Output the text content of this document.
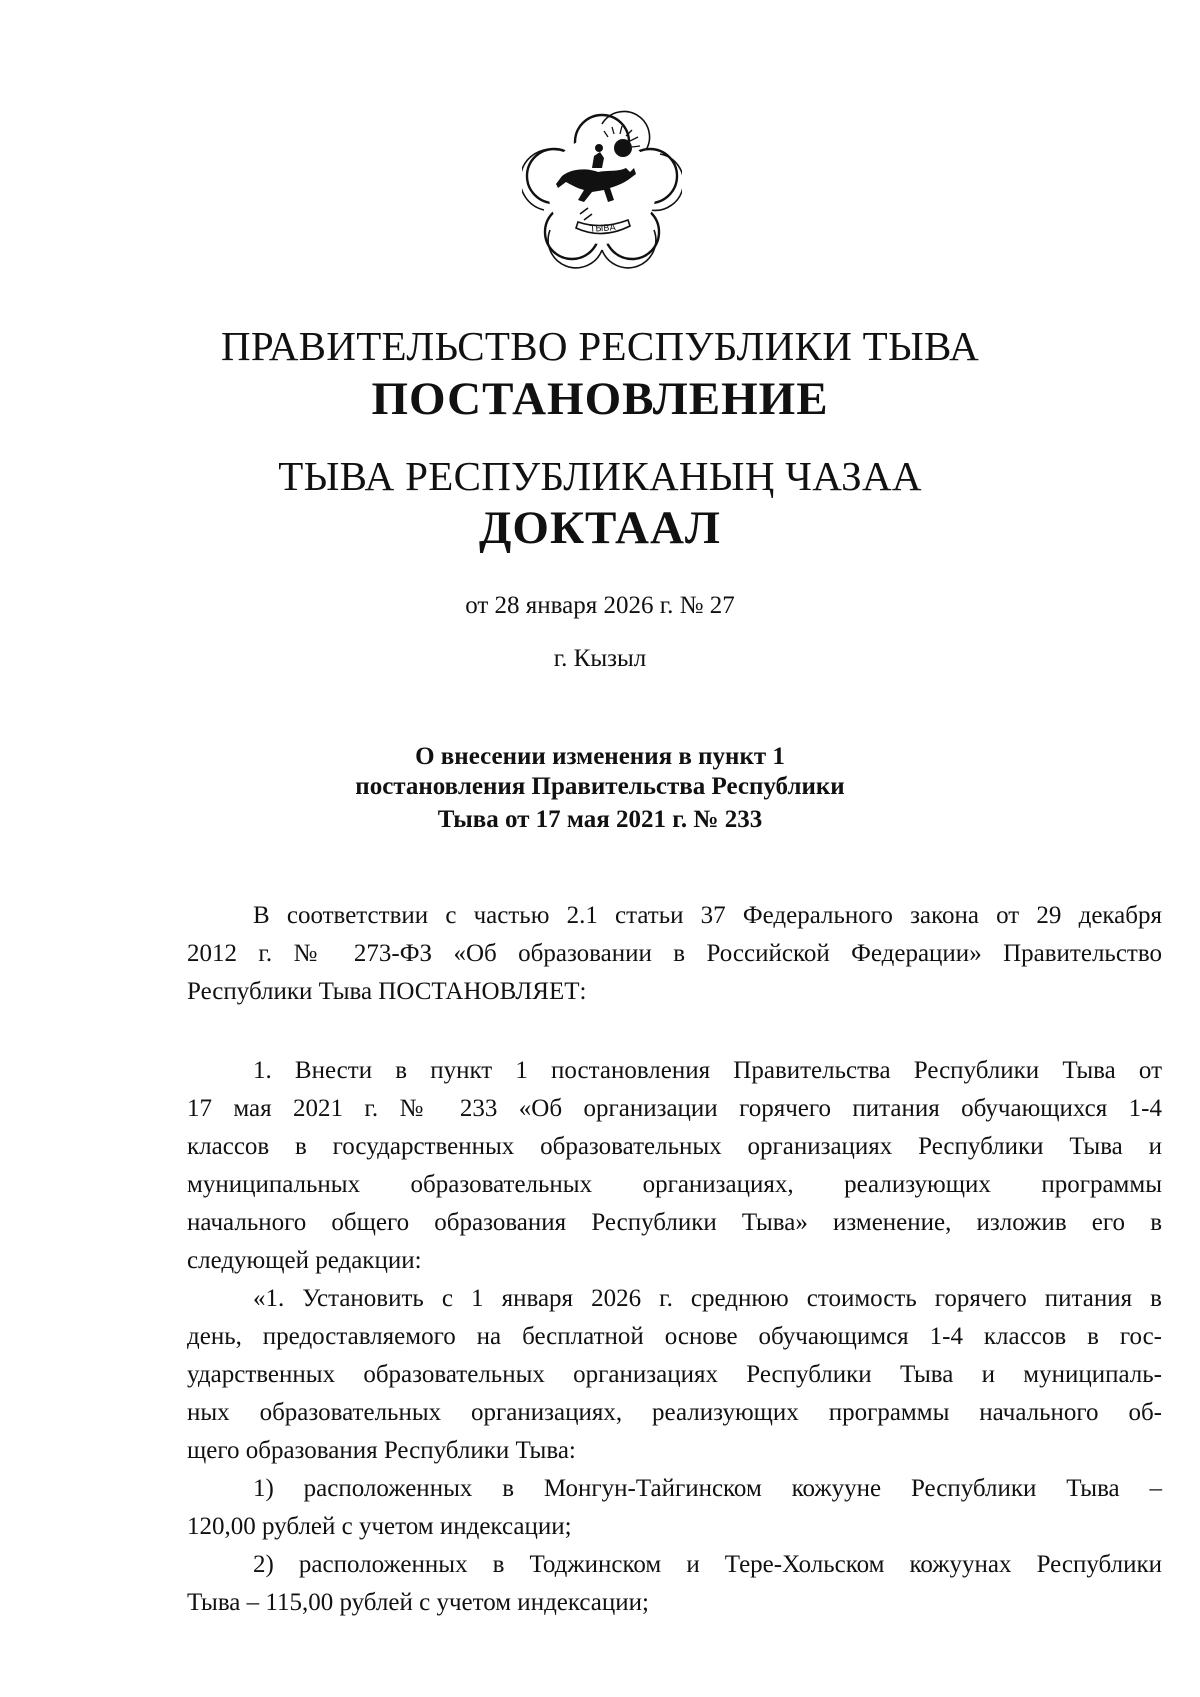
ТЫВА
ПРАВИТЕЛЬСТВО РЕСПУБЛИКИ ТЫВА
ПОСТАНОВЛЕНИЕ
ТЫВА РЕСПУБЛИКАНЫҢ ЧАЗАА
ДОКТААЛ
от 28 января 2026 г. № 27
г. Кызыл
О внесении изменения в пункт 1
постановления Правительства Республики
Тыва от 17 мая 2021 г. № 233
В соответствии с частью 2.1 статьи 37 Федерального закона от 29 декабря
2012 г. № 273-ФЗ «Об образовании в Российской Федерации» Правительство
Республики Тыва ПОСТАНОВЛЯЕТ:
1. Внести в пункт 1 постановления Правительства Республики Тыва от
17 мая 2021 г. № 233 «Об организации горячего питания обучающихся 1-4
классов в государственных образовательных организациях Республики Тыва и
муниципальных образовательных организациях, реализующих программы
начального общего образования Республики Тыва» изменение, изложив его в
следующей редакции:
«1. Установить с 1 января 2026 г. среднюю стоимость горячего питания в
день, предоставляемого на бесплатной основе обучающимся 1-4 классов в гос-
ударственных образовательных организациях Республики Тыва и муниципаль-
ных образовательных организациях, реализующих программы начального об-
щего образования Республики Тыва:
1) расположенных в Монгун-Тайгинском кожууне Республики Тыва –
120,00 рублей с учетом индексации;
2) расположенных в Тоджинском и Тере-Хольском кожуунах Республики
Тыва – 115,00 рублей с учетом индексации;
